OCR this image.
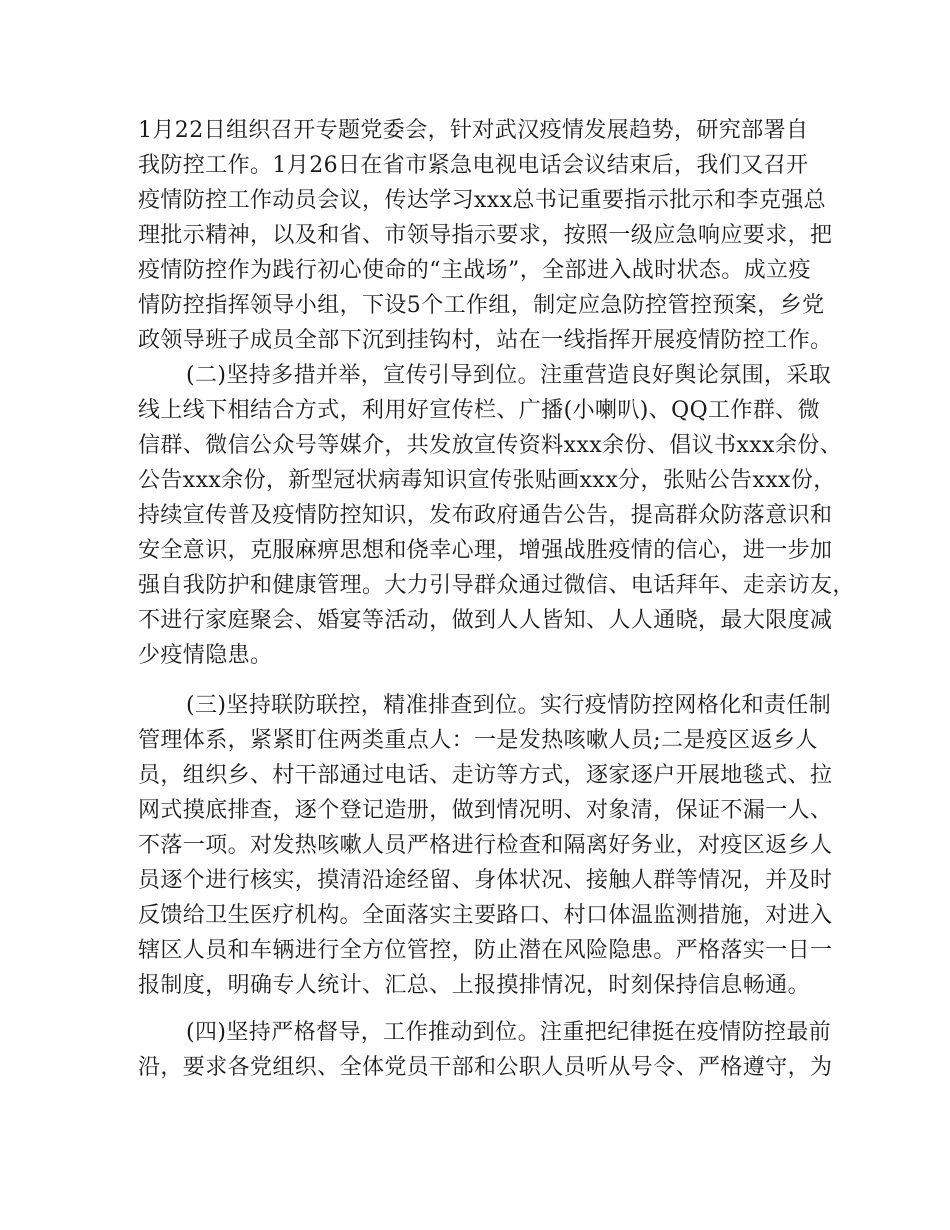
1月22日组织召开专题党委会，针对武汉疫情发展趋势，研究部署自
我防控工作。1月26日在省市紧急电视电话会议结束后，我们又召开
疫情防控工作动员会议，传达学习xxx总书记重要指示批示和李克强总
理批示精神，以及和省、市领导指示要求，按照一级应急响应要求，把
疫情防控作为践行初心使命的“主战场”，全部进入战时状态。成立疫
情防控指挥领导小组，下设5个工作组，制定应急防控管控预案，乡党
政领导班子成员全部下沉到挂钩村，站在一线指挥开展疫情防控工作。
(二)坚持多措并举，宣传引导到位。注重营造良好舆论氛围，采取
线上线下相结合方式，利用好宣传栏、广播(小喇叭)、QQ工作群、微
信群、微信公众号等媒介，共发放宣传资料xxx余份、倡议书xxx余份、
公告xxx余份，新型冠状病毒知识宣传张贴画xxx分，张贴公告xxx份，
持续宣传普及疫情防控知识，发布政府通告公告，提高群众防落意识和
安全意识，克服麻痹思想和侥幸心理，增强战胜疫情的信心，进一步加
强自我防护和健康管理。大力引导群众通过微信、电话拜年、走亲访友，
不进行家庭聚会、婚宴等活动，做到人人皆知、人人通晓，最大限度减
少疫情隐患。
(三)坚持联防联控，精准排查到位。实行疫情防控网格化和责任制
管理体系，紧紧盯住两类重点人：一是发热咳嗽人员;二是疫区返乡人
员，组织乡、村干部通过电话、走访等方式，逐家逐户开展地毯式、拉
网式摸底排查，逐个登记造册，做到情况明、对象清，保证不漏一人、
不落一项。对发热咳嗽人员严格进行检查和隔离好务业，对疫区返乡人
员逐个进行核实，摸清沿途经留、身体状况、接触人群等情况，并及时
反馈给卫生医疗机构。全面落实主要路口、村口体温监测措施，对进入
辖区人员和车辆进行全方位管控，防止潜在风险隐患。严格落实一日一
报制度，明确专人统计、汇总、上报摸排情况，时刻保持信息畅通。
(四)坚持严格督导，工作推动到位。注重把纪律挺在疫情防控最前
沿，要求各党组织、全体党员干部和公职人员听从号令、严格遵守，为
